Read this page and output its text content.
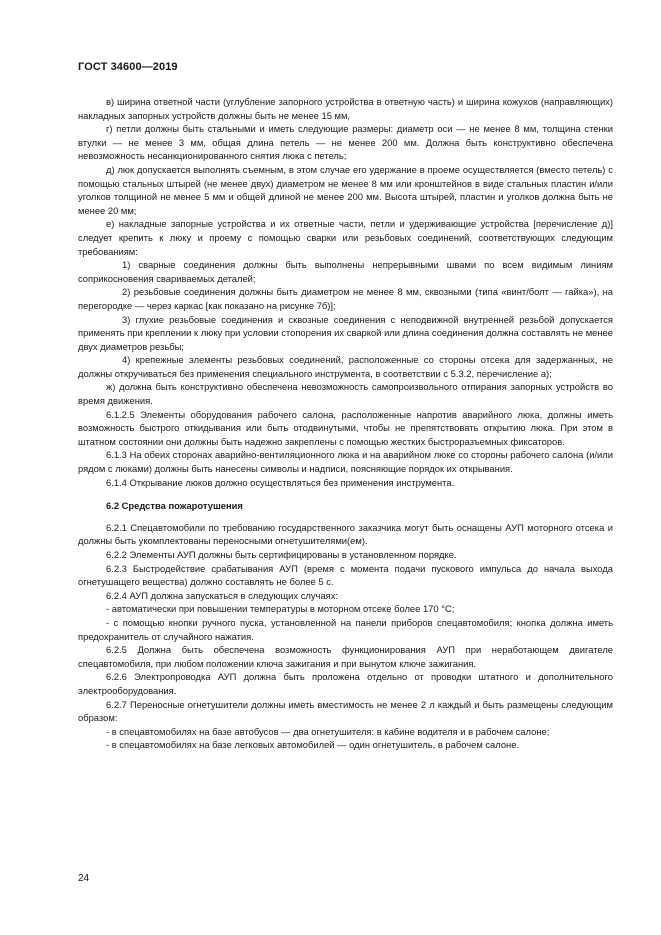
ГОСТ 34600—2019

в) ширина ответной части (углубление запорного устройства в ответную часть) и ширина кожухов (направляющих) накладных запорных устройств должны быть не менее 15 мм,

г) петли должны быть стальными и иметь следующие размеры: диаметр оси — не менее 8 мм, толщина стенки втулки — не менее 3 мм, общая длина петель — не менее 200 мм. Должна быть конструктивно обеспечена невозможность несанкционированного снятия люка с петель;

д) люк допускается выполнять съемным, в этом случае его удержание в проеме осуществляется (вместо петель) с помощью стальных штырей (не менее двух) диаметром не менее 8 мм или кронштейнов в виде стальных пластин и/или уголков толщиной не менее 5 мм и общей длиной не менее 200 мм. Высота штырей, пластин и уголков должна быть не менее 20 мм;

е) накладные запорные устройства и их ответные части, петли и удерживающие устройства [перечисление д)] следует крепить к люку и проему с помощью сварки или резьбовых соединений, соответствующих следующим требованиям:

1) сварные соединения должны быть выполнены непрерывными швами по всем видимым линиям соприкосновения свариваемых деталей;

2) резьбовые соединения должны быть диаметром не менее 8 мм, сквозными (типа «винт/болт — гайка»), на перегородке — через каркас [как показано на рисунке 7б)];

3) глухие резьбовые соединения и сквозные соединения с неподвижной внутренней резьбой допускается применять при креплении к люку при условии стопорения их сваркой или длина соединения должна составлять не менее двух диаметров резьбы;

4) крепежные элементы резьбовых соединений, расположенные со стороны отсека для задержанных, не должны откручиваться без применения специального инструмента, в соответствии с 5.3.2, перечисление а);

ж) должна быть конструктивно обеспечена невозможность самопроизвольного отпирания запорных устройств во время движения.

6.1.2.5 Элементы оборудования рабочего салона, расположенные напротив аварийного люка, должны иметь возможность быстрого откидывания или быть отодвинутыми, чтобы не препятствовать открытию люка. При этом в штатном состоянии они должны быть надежно закреплены с помощью жестких быстроразъемных фиксаторов.

6.1.3 На обеих сторонах аварийно-вентиляционного люка и на аварийном люке со стороны рабочего салона (и/или рядом с люками) должны быть нанесены символы и надписи, поясняющие порядок их открывания.

6.1.4 Открывание люков должно осуществляться без применения инструмента.

6.2 Средства пожаротушения

6.2.1 Спецавтомобили по требованию государственного заказчика могут быть оснащены АУП моторного отсека и должны быть укомплектованы переносными огнетушителями(ем).

6.2.2 Элементы АУП должны быть сертифицированы в установленном порядке.

6.2.3 Быстродействие срабатывания АУП (время с момента подачи пускового импульса до начала выхода огнетушащего вещества) должно составлять не более 5 с.

6.2.4 АУП должна запускаться в следующих случаях:

- автоматически при повышении температуры в моторном отсеке более 170 °С;

- с помощью кнопки ручного пуска, установленной на панели приборов спецавтомобиля; кнопка должна иметь предохранитель от случайного нажатия.

6.2.5 Должна быть обеспечена возможность функционирования АУП при неработающем двигателе спецавтомобиля, при любом положении ключа зажигания и при вынутом ключе зажигания.

6.2.6 Электропроводка АУП должна быть проложена отдельно от проводки штатного и дополнительного электрооборудования.

6.2.7 Переносные огнетушители должны иметь вместимость не менее 2 л каждый и быть размещены следующим образом:

- в спецавтомобилях на базе автобусов — два огнетушителя: в кабине водителя и в рабочем салоне;

- в спецавтомобилях на базе легковых автомобилей — один огнетушитель, в рабочем салоне.

24
